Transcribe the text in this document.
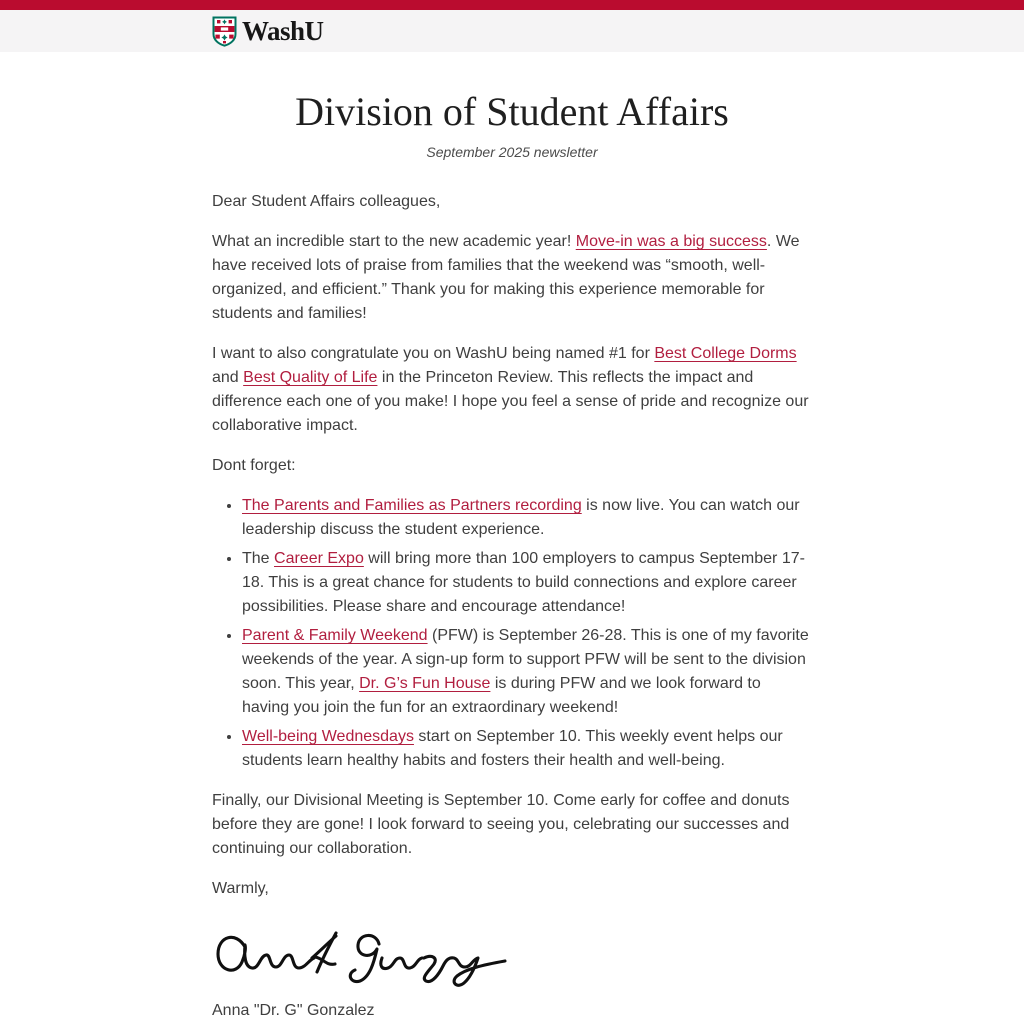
WashU
Division of Student Affairs

September 2025 newsletter

Dear Student Affairs colleagues,

What an incredible start to the new academic year! Move-in was a big success. We have received lots of praise from families that the weekend was “smooth, well-organized, and efficient.” Thank you for making this experience memorable for students and families!

I want to also congratulate you on WashU being named #1 for Best College Dorms and Best Quality of Life in the Princeton Review. This reflects the impact and difference each one of you make! I hope you feel a sense of pride and recognize our collaborative impact.

Dont forget:

• The Parents and Families as Partners recording is now live. You can watch our leadership discuss the student experience.
• The Career Expo will bring more than 100 employers to campus September 17-18. This is a great chance for students to build connections and explore career possibilities. Please share and encourage attendance!
• Parent & Family Weekend (PFW) is September 26-28. This is one of my favorite weekends of the year. A sign-up form to support PFW will be sent to the division soon. This year, Dr. G’s Fun House is during PFW and we look forward to having you join the fun for an extraordinary weekend!
• Well-being Wednesdays start on September 10. This weekly event helps our students learn healthy habits and fosters their health and well-being.

Finally, our Divisional Meeting is September 10. Come early for coffee and donuts before they are gone! I look forward to seeing you, celebrating our successes and continuing our collaboration.

Warmly,

Anna "Dr. G" Gonzalez
